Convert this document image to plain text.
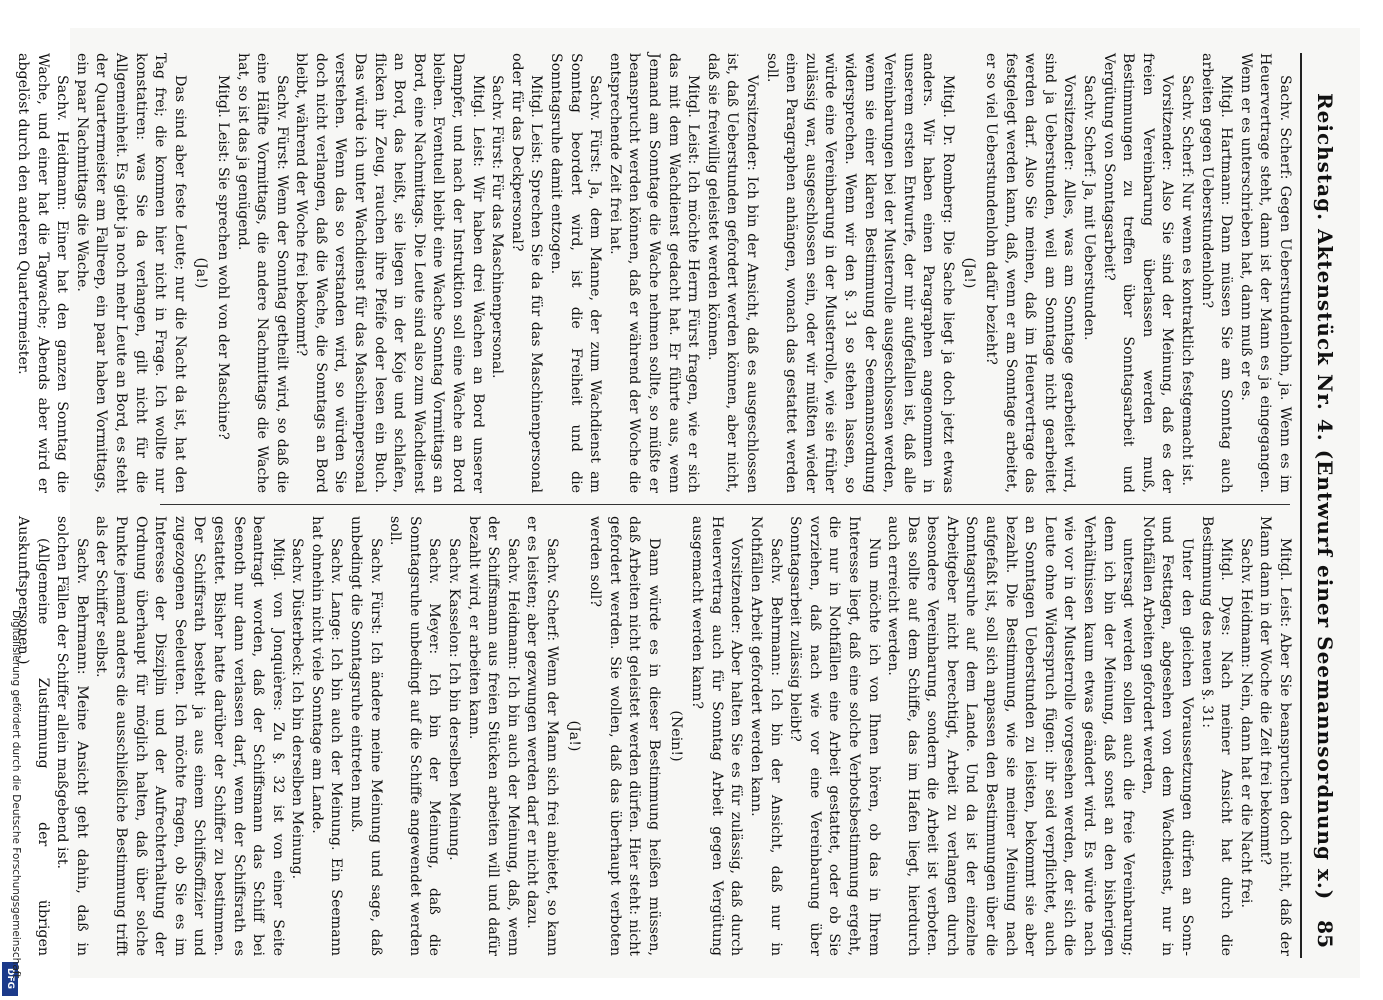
DFG
Digitalisierung gefördert durch die Deutsche Forschungsgemeinschaft	Reichstag. Aktenstück Nr. 4. (Entwurf einer Seemannsordnung x.)
85

Sachv. Scherf: Gegen Ueberstundenlohn, ja. Wenn es im Heuervertrage steht, dann ist der Mann es ja eingegangen. Wenn er es unterschrieben hat, dann muß er es.

Mitgl. Hartmann: Dann müssen Sie am Sonntag auch arbeiten gegen Ueberstundenlohn?

Sachv. Scherf: Nur wenn es kontraktlich festgemacht ist.

Vorsitzender: Also Sie sind der Meinung, daß es der freien Vereinbarung überlassen werden muß, Bestimmungen zu treffen über Sonntagsarbeit und Vergütung von Sonntagsarbeit?

Sachv. Scherf: Ja, mit Ueberstunden.

Vorsitzender: Alles, was am Sonntage gearbeitet wird, sind ja Ueberstunden, weil am Sonntage nicht gearbeitet werden darf. Also Sie meinen, daß im Heuervertrage das festgelegt werden kann, daß, wenn er am Sonntage arbeitet, er so viel Ueberstundenlohn dafür bezieht?

(Ja!)

Mitgl. Dr. Romberg: Die Sache liegt ja doch jetzt etwas anders. Wir haben einen Paragraphen angenommen in unserem ersten Entwurfe, der mir aufgefallen ist, daß alle Vereinbarungen bei der Musterrolle ausgeschlossen werden, wenn sie einer klaren Bestimmung der Seemannsordnung widersprechen. Wenn wir den §. 31 so stehen lassen, so würde eine Vereinbarung in der Musterrolle, wie sie früher zulässig war, ausgeschlossen sein, oder wir müßten wieder einen Paragraphen anhängen, wonach das gestattet werden soll.

Vorsitzender: Ich bin der Ansicht, daß es ausgeschlossen ist, daß Ueberstunden gefordert werden können, aber nicht, daß sie freiwillig geleistet werden können.

Mitgl. Leist: Ich möchte Herrn Fürst fragen, wie er sich das mit dem Wachdienst gedacht hat. Er führte aus, wenn Jemand am Sonntage die Wache nehmen sollte, so müßte er beansprucht werden können, daß er während der Woche die entsprechende Zeit frei hat.

Sachv. Fürst: Ja, dem Manne, der zum Wachdienst am Sonntag beordert wird, ist die Freiheit und die Sonntagsruhe damit entzogen.

Mitgl. Leist: Sprechen Sie da für das Maschinenpersonal oder für das Deckpersonal?

Sachv. Fürst: Für das Maschinenpersonal.

Mitgl. Leist: Wir haben drei Wachen an Bord unserer Dampfer, und nach der Instruktion soll eine Wache an Bord bleiben. Eventuell bleibt eine Wache Sonntag Vormittags an Bord, eine Nachmittags. Die Leute sind also zum Wachdienst an Bord, das heißt, sie liegen in der Koje und schlafen, flicken ihr Zeug, rauchen ihre Pfeife oder lesen ein Buch. Das würde ich unter Wachdienst für das Maschinenpersonal verstehen. Wenn das so verstanden wird, so würden Sie doch nicht verlangen, daß die Wache, die Sonntags an Bord bleibt, während der Woche frei bekommt?

Sachv. Fürst: Wenn der Sonntag getheilt wird, so daß die eine Hälfte Vormittags, die andere Nachmittags die Wache hat, so ist das ja genügend.

Mitgl. Leist: Sie sprechen wohl von der Maschine?

(Ja!)

Das sind aber feste Leute; nur die Nacht da ist, hat den Tag frei; die kommen hier nicht in Frage. Ich wollte nur konstatiren: was Sie da verlangen, gilt nicht für die Allgemeinheit. Es giebt ja noch mehr Leute an Bord, es steht der Quartermeister am Fallreep, ein paar haben Vormittags, ein paar Nachmittags die Wache.

Sachv. Heidmann: Einer hat den ganzen Sonntag die Wache, und einer hat die Tagwache; Abends aber wird er abgelöst durch den anderen Quartermeister.

Mitgl. Leist: Aber Sie beanspruchen doch nicht, daß der Mann dann in der Woche die Zeit frei bekommt?

Sachv. Heidmann: Nein, dann hat er die Nacht frei.

Mitgl. Dyes: Nach meiner Ansicht hat durch die Bestimmung des neuen §. 31:

Unter den gleichen Voraussetzungen dürfen an Sonn- und Festtagen, abgesehen von dem Wachdienst, nur in Nothfällen Arbeiten gefordert werden,

untersagt werden sollen auch die freie Vereinbarung; denn ich bin der Meinung, daß sonst an den bisherigen Verhältnissen kaum etwas geändert wird. Es würde nach wie vor in der Musterrolle vorgesehen werden, der sich die Leute ohne Widerspruch fügen: ihr seid verpflichtet, auch an Sonntagen Ueberstunden zu leisten, bekommt sie aber bezahlt. Die Bestimmung, wie sie meiner Meinung nach aufgefaßt ist, soll sich anpassen den Bestimmungen über die Sonntagsruhe auf dem Lande. Und da ist der einzelne Arbeitgeber nicht berechtigt, Arbeit zu verlangen durch besondere Vereinbarung, sondern die Arbeit ist verboten. Das sollte auf dem Schiffe, das im Hafen liegt, hierdurch auch erreicht werden.

Nun möchte ich von Ihnen hören, ob das in Ihrem Interesse liegt, daß eine solche Verbotsbestimmung ergeht, die nur in Nothfällen eine Arbeit gestattet, oder ob Sie vorziehen, daß nach wie vor eine Vereinbarung über Sonntagsarbeit zulässig bleibt?

Sachv. Behrmann: Ich bin der Ansicht, daß nur in Nothfällen Arbeit gefordert werden kann.

Vorsitzender: Aber halten Sie es für zulässig, daß durch Heuervertrag auch für Sonntag Arbeit gegen Vergütung ausgemacht werden kann?

(Nein!)

Dann würde es in dieser Bestimmung heißen müssen, daß Arbeiten nicht geleistet werden dürfen. Hier steht: nicht gefordert werden. Sie wollen, daß das überhaupt verboten werden soll?

(Ja!)

Sachv. Scherf: Wenn der Mann sich frei anbietet, so kann er es leisten; aber gezwungen werden darf er nicht dazu.

Sachv. Heidmann: Ich bin auch der Meinung, daß, wenn der Schiffsmann aus freien Stücken arbeiten will und dafür bezahlt wird, er arbeiten kann.

Sachv. Kasselon: Ich bin derselben Meinung.

Sachv. Meyer: Ich bin der Meinung, daß die Sonntagsruhe unbedingt auf die Schiffe angewendet werden soll.

Sachv. Fürst: Ich ändere meine Meinung und sage, daß unbedingt die Sonntagsruhe eintreten muß.

Sachv. Lange: Ich bin auch der Meinung. Ein Seemann hat ohnehin nicht viele Sonntage am Lande.

Sachv. Düsterbeck: Ich bin derselben Meinung.

Mitgl. von Jonquières: Zu §. 32 ist von einer Seite beantragt worden, daß der Schiffsmann das Schiff bei Seenoth nur dann verlassen darf, wenn der Schiffsrath es gestattet. Bisher hatte darüber der Schiffer zu bestimmen. Der Schiffsrath besteht ja aus einem Schiffsoffizier und zugezogenen Seeleuten. Ich möchte fragen, ob Sie es im Interesse der Disziplin und der Aufrechterhaltung der Ordnung überhaupt für möglich halten, daß über solche Punkte jemand anders die ausschließliche Bestimmung trifft als der Schiffer selbst.

Sachv. Behrmann: Meine Ansicht geht dahin, daß in solchen Fällen der Schiffer allein maßgebend ist.

(Allgemeine Zustimmung der übrigen Auskunftspersonen.)
